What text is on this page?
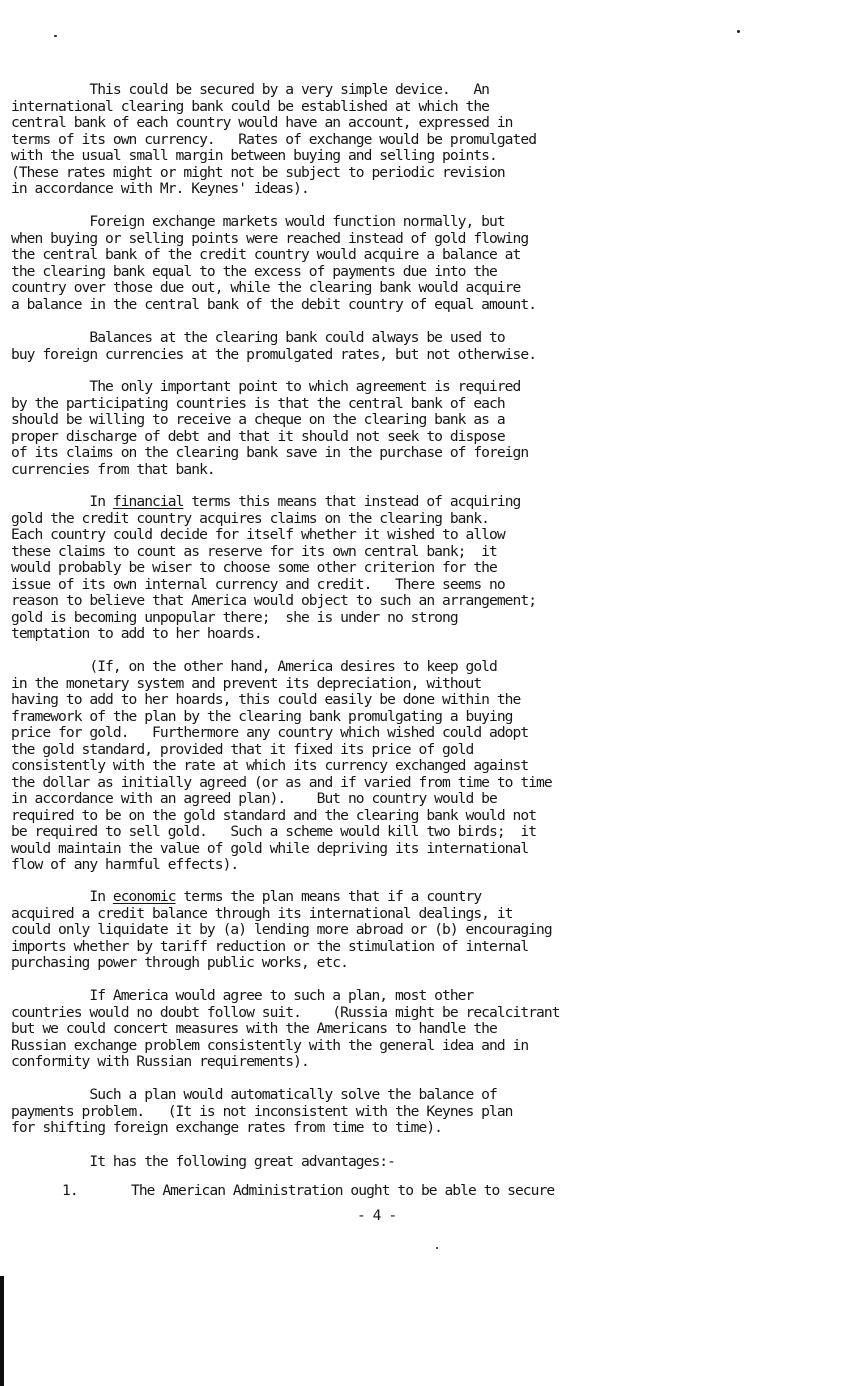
This could be secured by a very simple device.   An
international clearing bank could be established at which the
central bank of each country would have an account, expressed in
terms of its own currency.   Rates of exchange would be promulgated
with the usual small margin between buying and selling points.
(These rates might or might not be subject to periodic revision
in accordance with Mr. Keynes' ideas).
Foreign exchange markets would function normally, but
when buying or selling points were reached instead of gold flowing
the central bank of the credit country would acquire a balance at
the clearing bank equal to the excess of payments due into the
country over those due out, while the clearing bank would acquire
a balance in the central bank of the debit country of equal amount.
Balances at the clearing bank could always be used to
buy foreign currencies at the promulgated rates, but not otherwise.
The only important point to which agreement is required
by the participating countries is that the central bank of each
should be willing to receive a cheque on the clearing bank as a
proper discharge of debt and that it should not seek to dispose
of its claims on the clearing bank save in the purchase of foreign
currencies from that bank.
In financial terms this means that instead of acquiring
gold the credit country acquires claims on the clearing bank.
Each country could decide for itself whether it wished to allow
these claims to count as reserve for its own central bank;  it
would probably be wiser to choose some other criterion for the
issue of its own internal currency and credit.   There seems no
reason to believe that America would object to such an arrangement;
gold is becoming unpopular there;  she is under no strong
temptation to add to her hoards.
(If, on the other hand, America desires to keep gold
in the monetary system and prevent its depreciation, without
having to add to her hoards, this could easily be done within the
framework of the plan by the clearing bank promulgating a buying
price for gold.   Furthermore any country which wished could adopt
the gold standard, provided that it fixed its price of gold
consistently with the rate at which its currency exchanged against
the dollar as initially agreed (or as and if varied from time to time
in accordance with an agreed plan).    But no country would be
required to be on the gold standard and the clearing bank would not
be required to sell gold.   Such a scheme would kill two birds;  it
would maintain the value of gold while depriving its international
flow of any harmful effects).
In economic terms the plan means that if a country
acquired a credit balance through its international dealings, it
could only liquidate it by (a) lending more abroad or (b) encouraging
imports whether by tariff reduction or the stimulation of internal
purchasing power through public works, etc.
If America would agree to such a plan, most other
countries would no doubt follow suit.    (Russia might be recalcitrant
but we could concert measures with the Americans to handle the
Russian exchange problem consistently with the general idea and in
conformity with Russian requirements).
Such a plan would automatically solve the balance of
payments problem.   (It is not inconsistent with the Keynes plan
for shifting foreign exchange rates from time to time).
It has the following great advantages:-
1.	The American Administration ought to be able to secure
- 4 -
